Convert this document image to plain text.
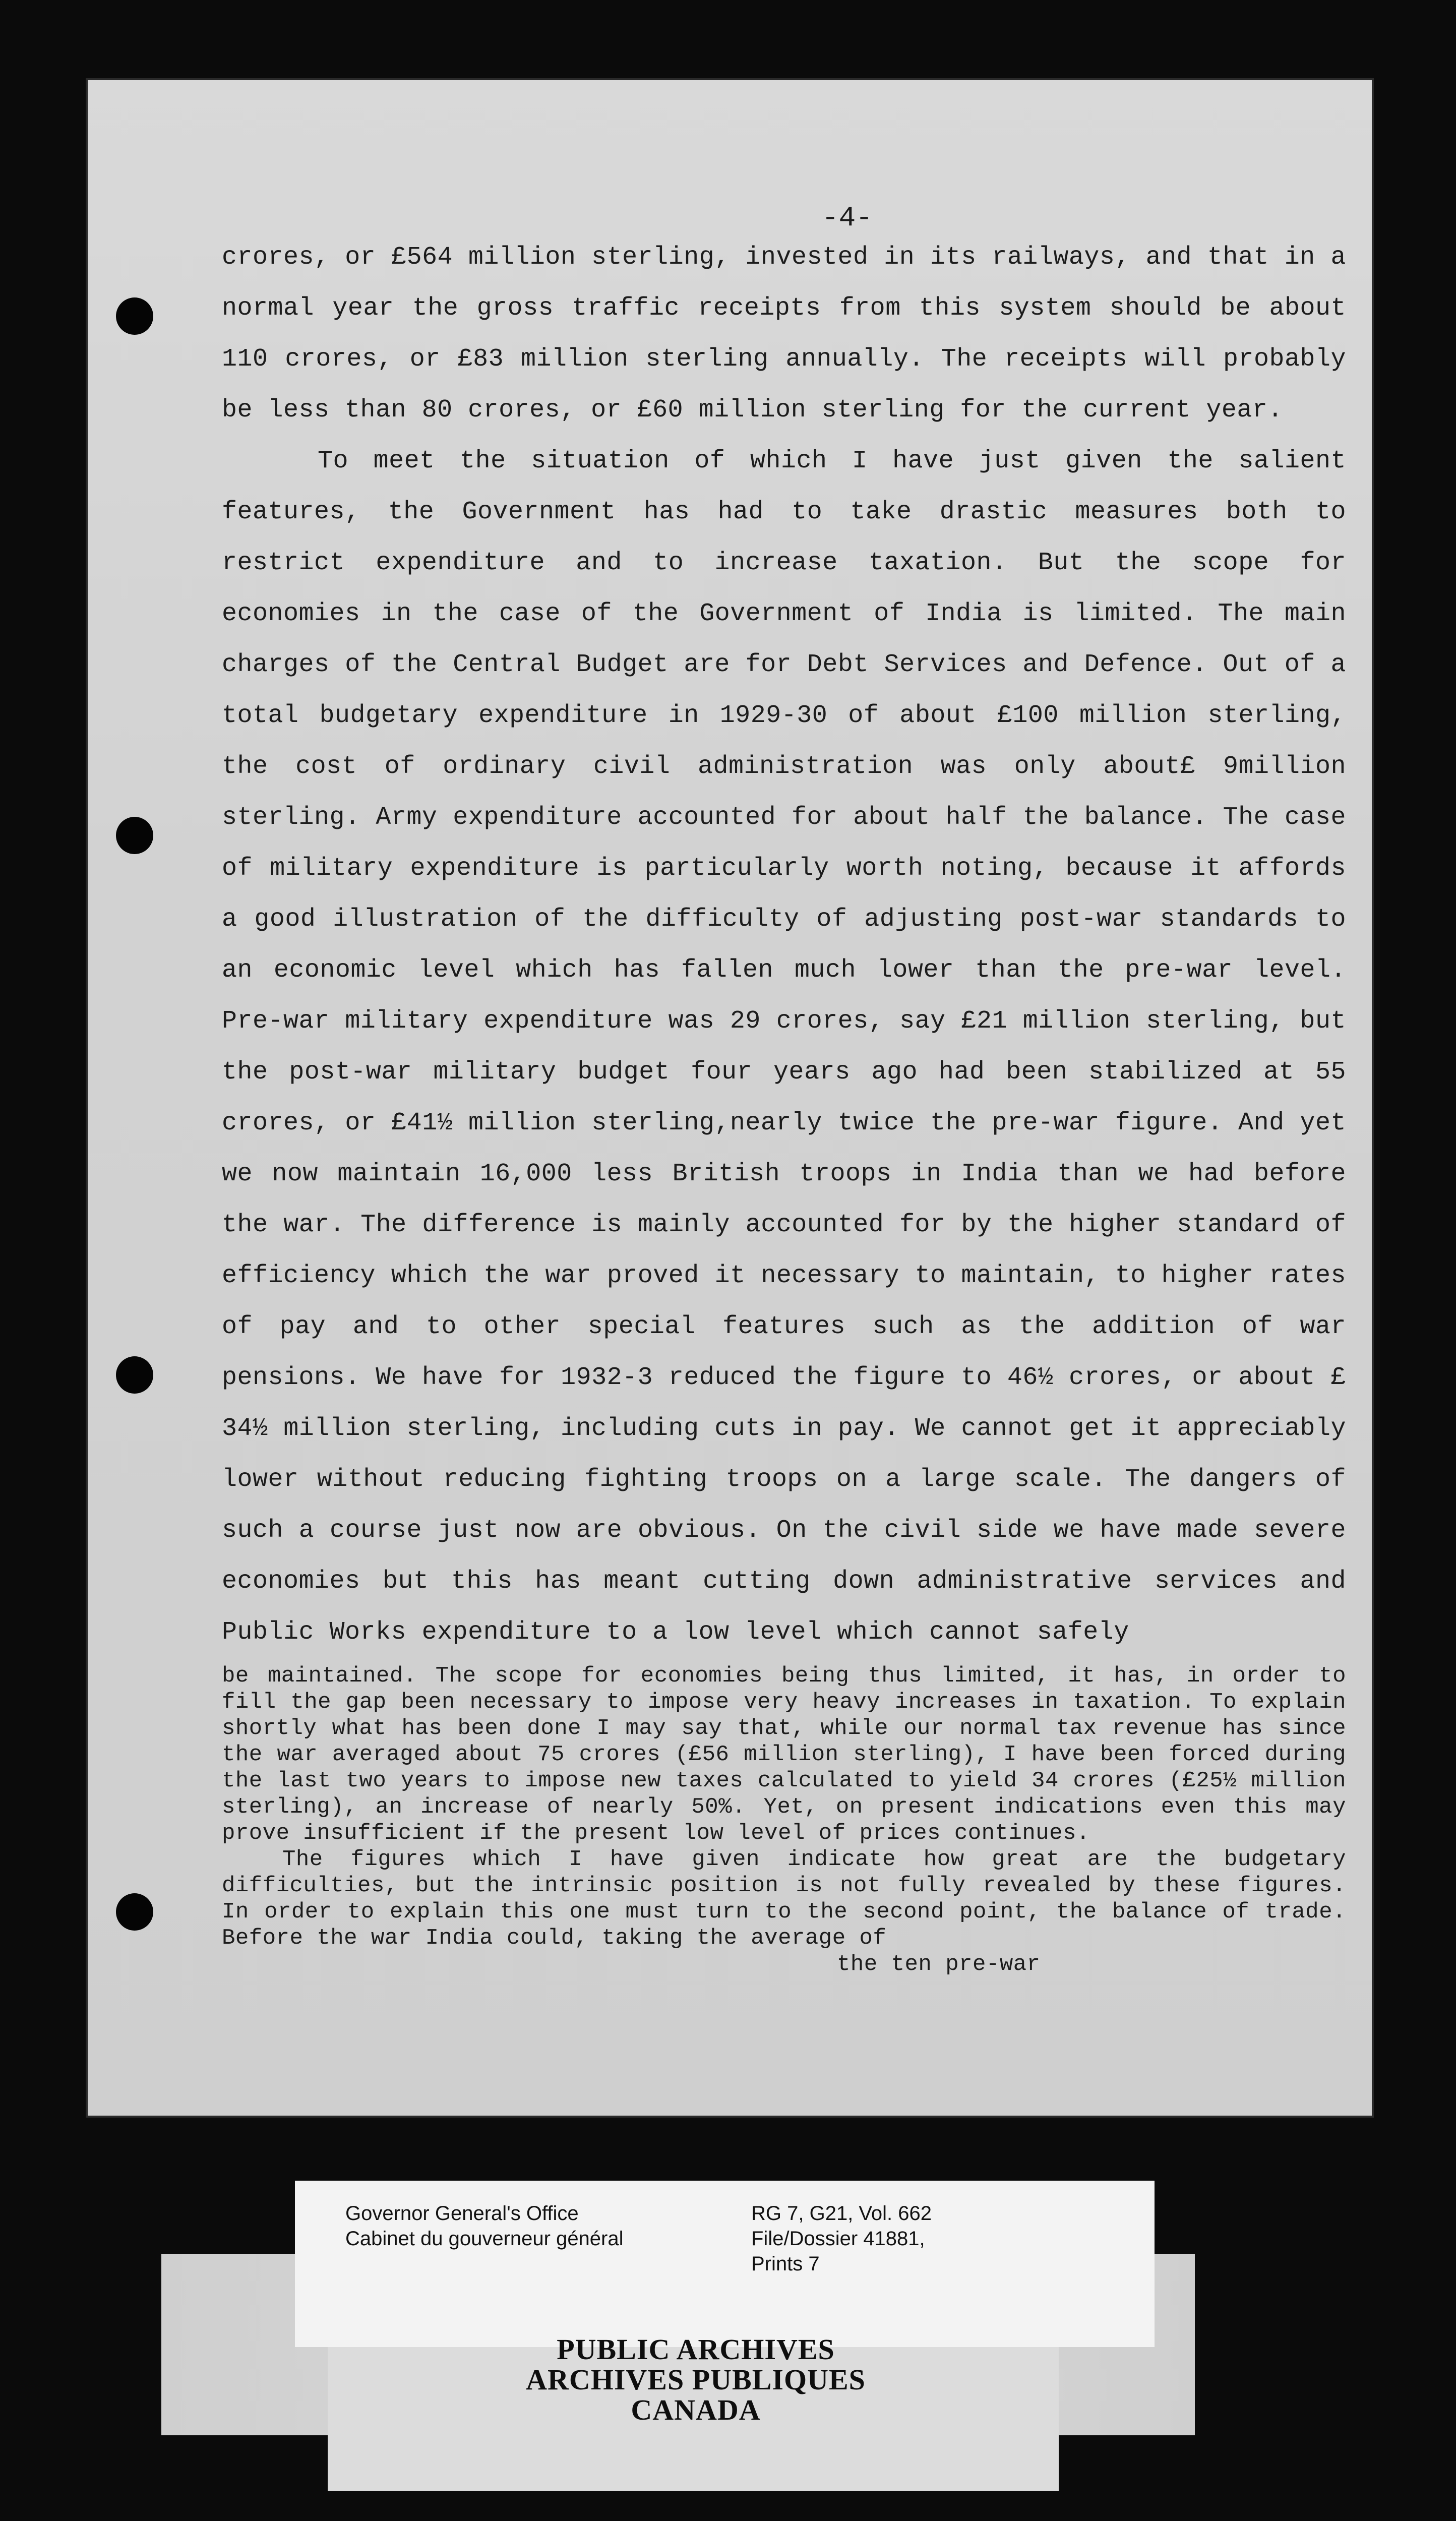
-4-

crores, or £564 million sterling, invested in its railways, and that in a normal year the gross traffic receipts from this system should be about 110 crores, or £83 million sterling annually. The receipts will probably be less than 80 crores, or £60 million sterling for the current year.

To meet the situation of which I have just given the salient features, the Government has had to take drastic measures both to restrict expenditure and to increase taxation. But the scope for economies in the case of the Government of India is limited. The main charges of the Central Budget are for Debt Services and Defence. Out of a total budgetary expenditure in 1929-30 of about £100 million sterling, the cost of ordinary civil administration was only about£ 9million sterling. Army expenditure accounted for about half the balance. The case of military expenditure is particularly worth noting, because it affords a good illustration of the difficulty of adjusting post-war standards to an economic level which has fallen much lower than the pre-war level. Pre-war military expenditure was 29 crores, say £21 million sterling, but the post-war military budget four years ago had been stabilized at 55 crores, or £41½ million sterling,nearly twice the pre-war figure. And yet we now maintain 16,000 less British troops in India than we had before the war. The difference is mainly accounted for by the higher standard of efficiency which the war proved it necessary to maintain, to higher rates of pay and to other special features such as the addition of war pensions. We have for 1932-3 reduced the figure to 46½ crores, or about £ 34½ million sterling, including cuts in pay. We cannot get it appreciably lower without reducing fighting troops on a large scale. The dangers of such a course just now are obvious. On the civil side we have made severe economies but this has meant cutting down administrative services and Public Works expenditure to a low level which cannot safely

be maintained. The scope for economies being thus limited, it has, in order to fill the gap been necessary to impose very heavy increases in taxation. To explain shortly what has been done I may say that, while our normal tax revenue has since the war averaged about 75 crores (£56 million sterling), I have been forced during the last two years to impose new taxes calculated to yield 34 crores (£25½ million sterling), an increase of nearly 50%. Yet, on present indications even this may prove insufficient if the present low level of prices continues.

The figures which I have given indicate how great are the budgetary difficulties, but the intrinsic position is not fully revealed by these figures. In order to explain this one must turn to the second point, the balance of trade. Before the war India could, taking the average of

the ten pre-war

Governor General's Office
Cabinet du gouverneur général
RG 7, G21, Vol. 662
File/Dossier 41881,
Prints 7
PUBLIC ARCHIVES
ARCHIVES PUBLIQUES
CANADA
